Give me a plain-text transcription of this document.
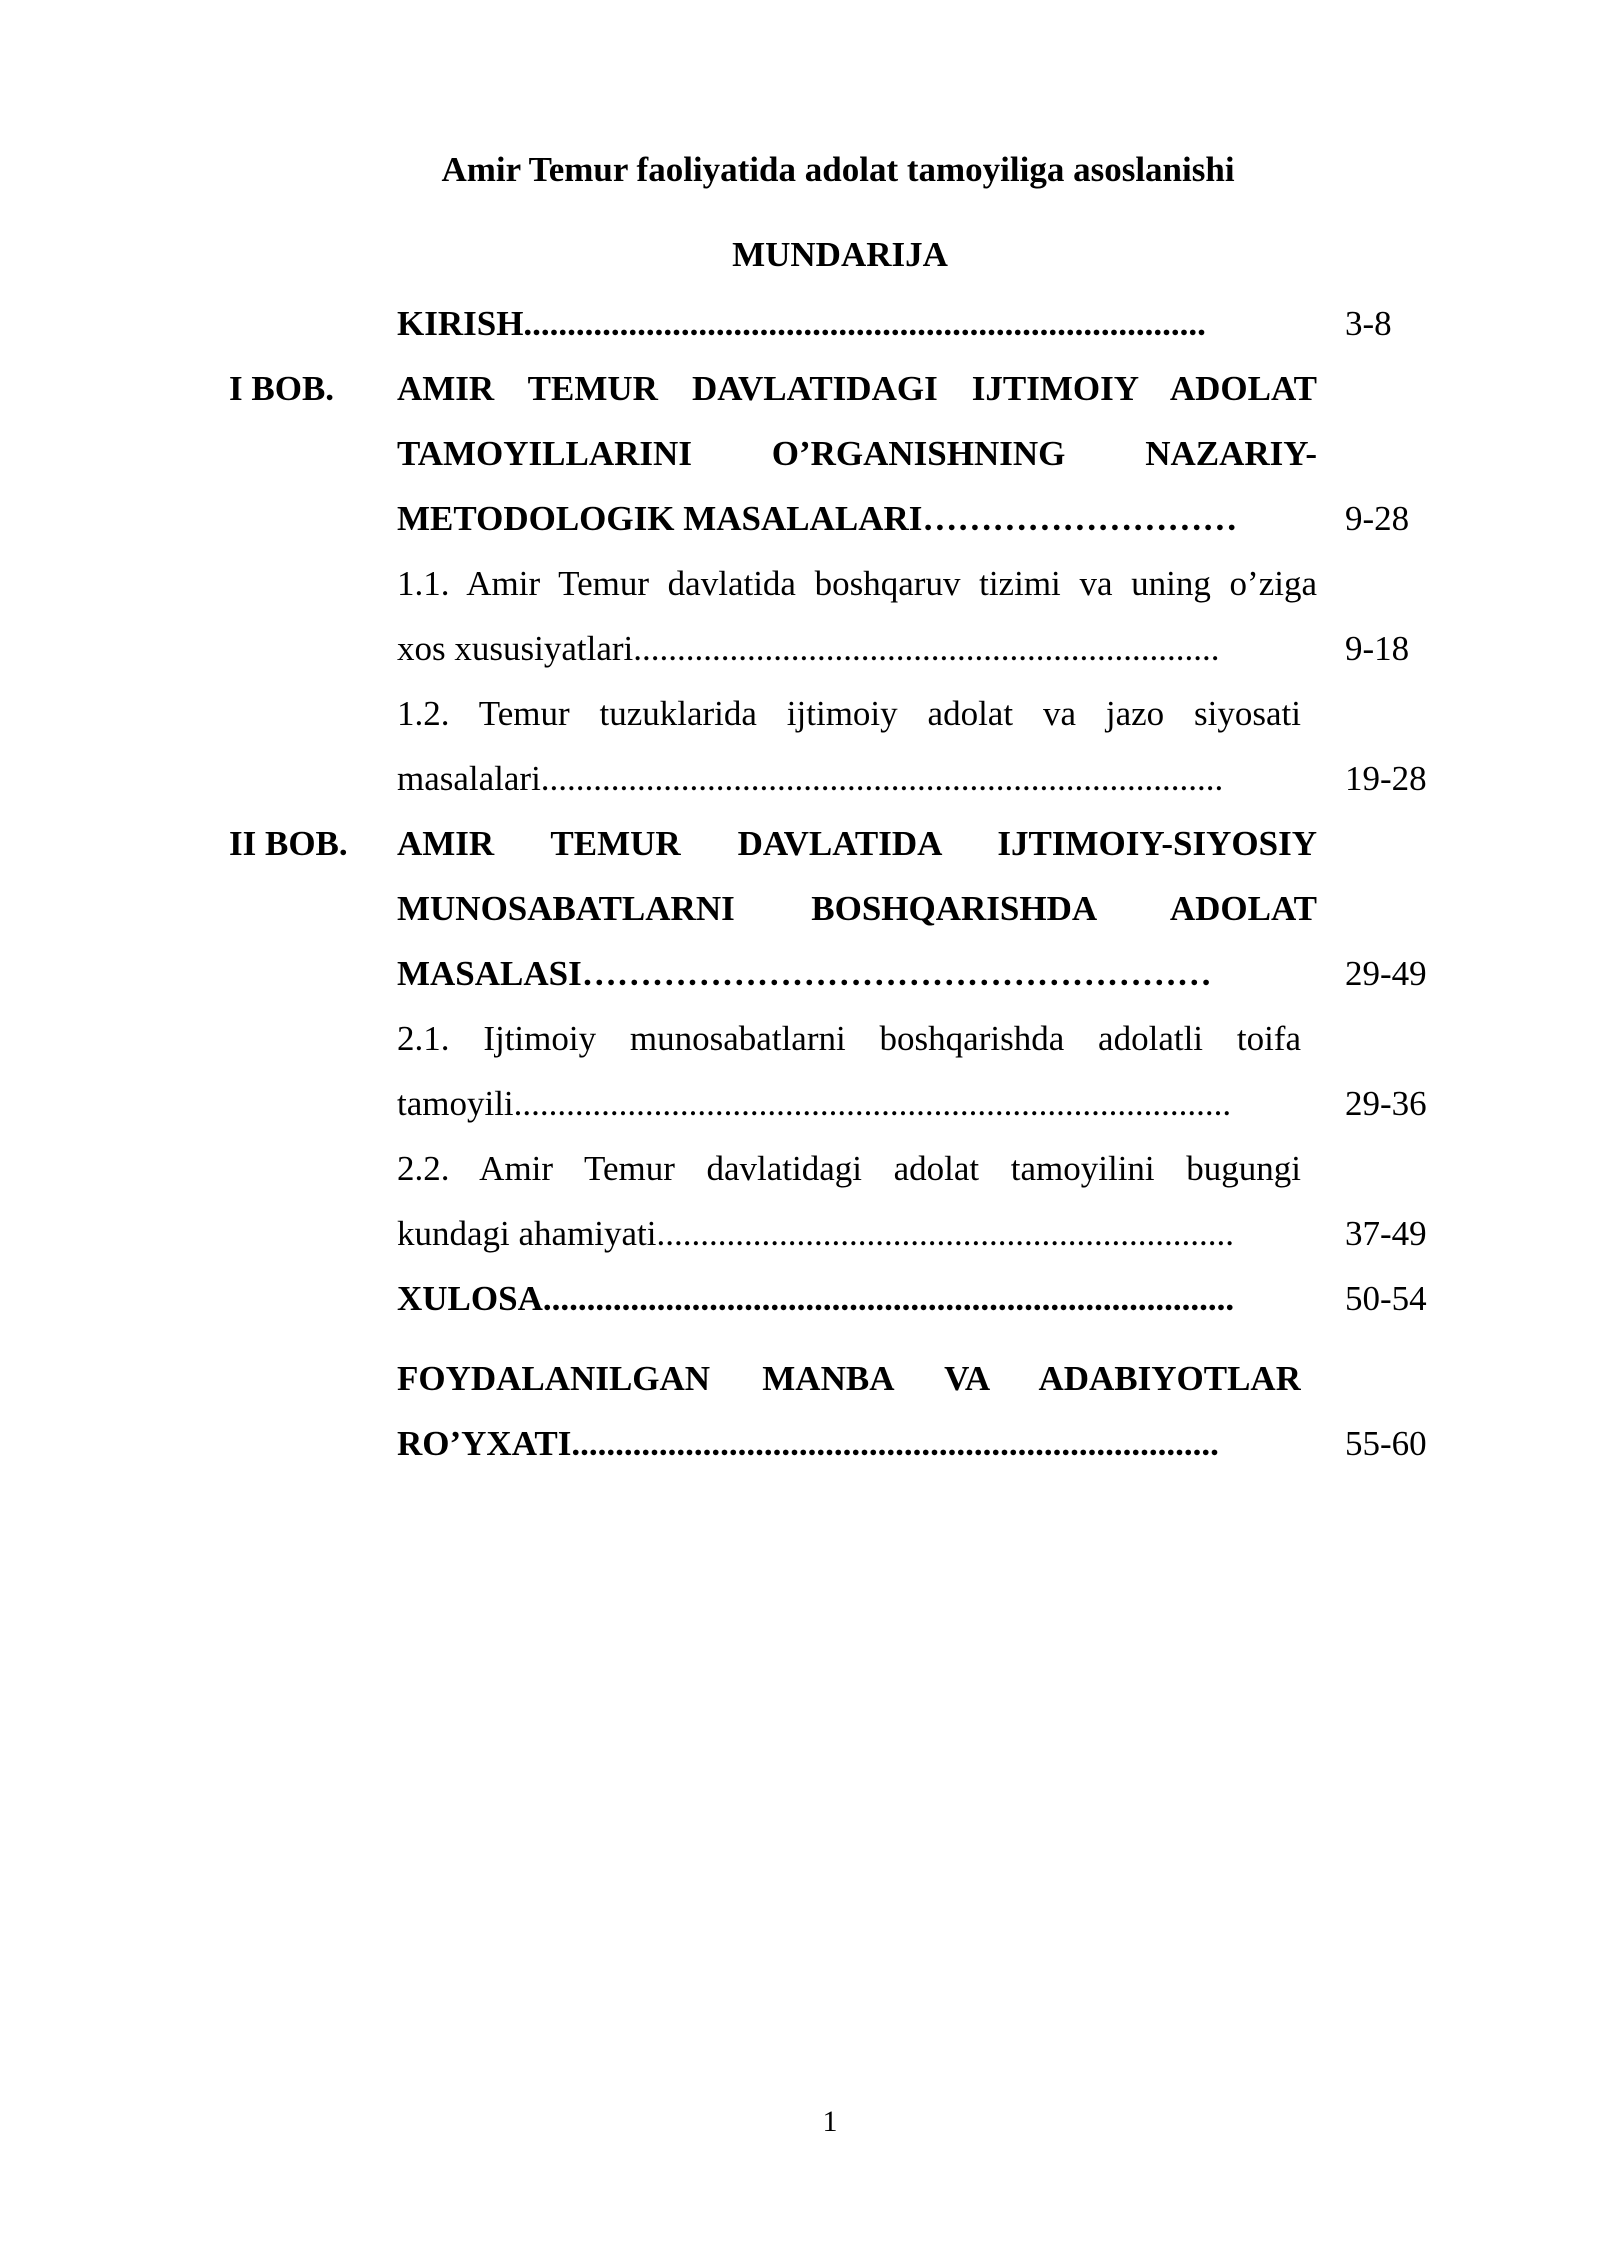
Amir Temur faoliyatida adolat tamoyiliga asoslanishi
MUNDARIJA
KIRISH..............................................................................	3-8
I BOB. AMIR TEMUR DAVLATIDAGI IJTIMOIY ADOLAT
TAMOYILLARINI O’RGANISHNING NAZARIY-
METODOLOGIK MASALALARI………………………	9-28
1.1. Amir Temur davlatida boshqaruv tizimi va uning o’ziga
xos xususiyatlari...................................................................	9-18
1.2. Temur tuzuklarida ijtimoiy adolat va jazo siyosati
masalalari..............................................................................	19-28
II BOB. AMIR TEMUR DAVLATIDA IJTIMOIY-SIYOSIY
MUNOSABATLARNI BOSHQARISHDA ADOLAT
MASALASI………………………………………………	29-49
2.1. Ijtimoiy munosabatlarni boshqarishda adolatli toifa
tamoyili..................................................................................	29-36
2.2. Amir Temur davlatidagi adolat tamoyilini bugungi
kundagi ahamiyati..................................................................	37-49
XULOSA...............................................................................	50-54
FOYDALANILGAN MANBA VA ADABIYOTLAR
RO’YXATI..........................................................................	55-60
1
